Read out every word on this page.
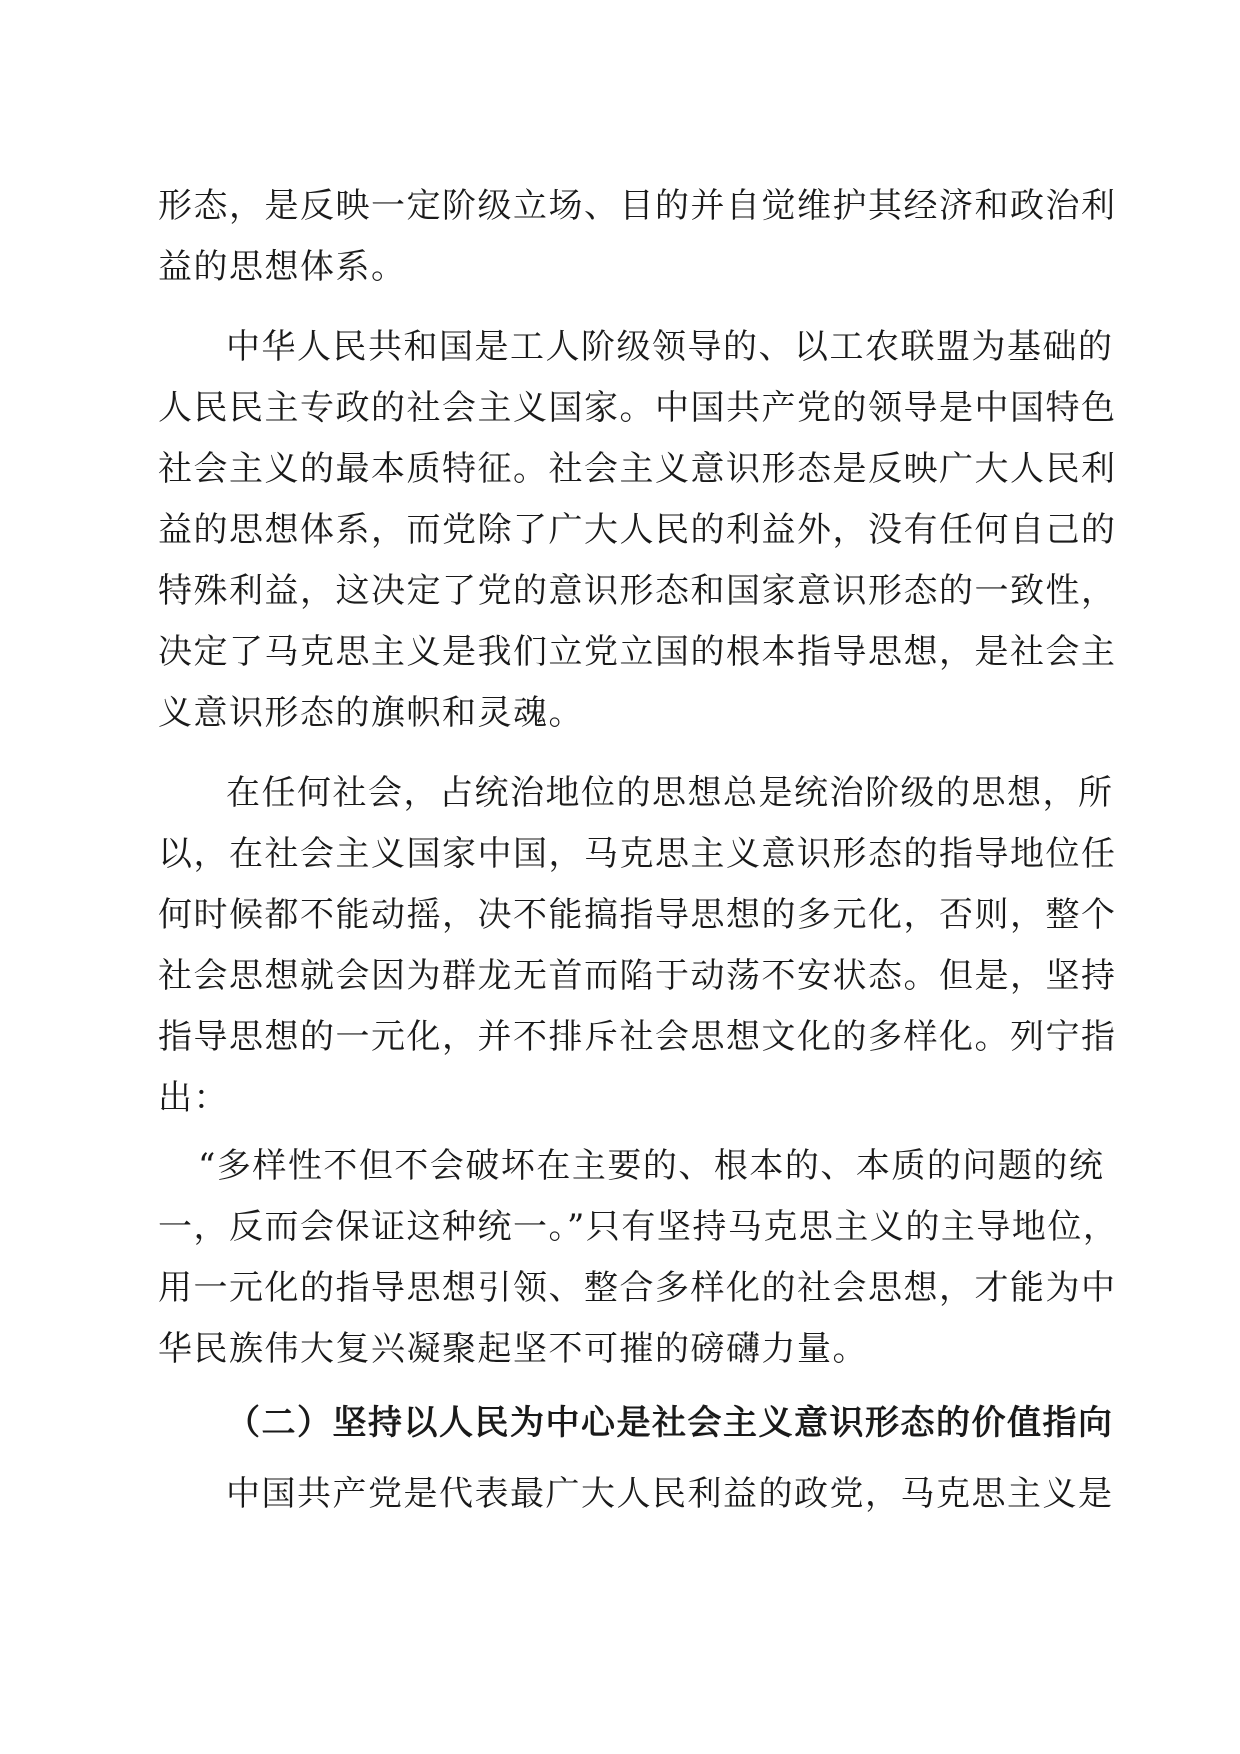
形态，是反映一定阶级立场、目的并自觉维护其经济和政治利
益的思想体系。
中华人民共和国是工人阶级领导的、以工农联盟为基础的
人民民主专政的社会主义国家。中国共产党的领导是中国特色
社会主义的最本质特征。社会主义意识形态是反映广大人民利
益的思想体系，而党除了广大人民的利益外，没有任何自己的
特殊利益，这决定了党的意识形态和国家意识形态的一致性，
决定了马克思主义是我们立党立国的根本指导思想，是社会主
义意识形态的旗帜和灵魂。
在任何社会，占统治地位的思想总是统治阶级的思想，所
以，在社会主义国家中国，马克思主义意识形态的指导地位任
何时候都不能动摇，决不能搞指导思想的多元化，否则，整个
社会思想就会因为群龙无首而陷于动荡不安状态。但是，坚持
指导思想的一元化，并不排斥社会思想文化的多样化。列宁指
出：
“多样性不但不会破坏在主要的、根本的、本质的问题的统
一，反而会保证这种统一。”只有坚持马克思主义的主导地位，
用一元化的指导思想引领、整合多样化的社会思想，才能为中
华民族伟大复兴凝聚起坚不可摧的磅礴力量。
（二）坚持以人民为中心是社会主义意识形态的价值指向
中国共产党是代表最广大人民利益的政党，马克思主义是
